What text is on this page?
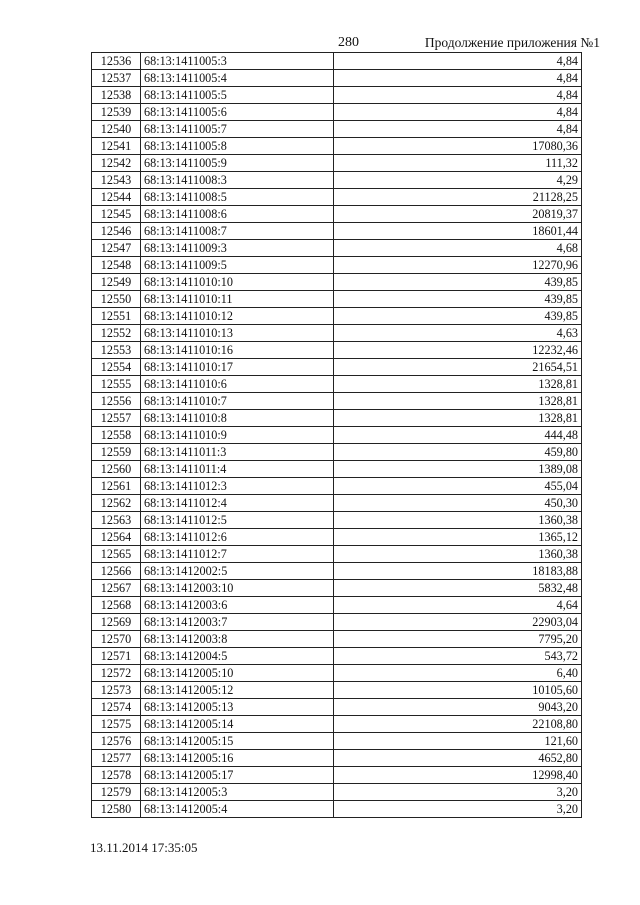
280	Продолжение приложения №1
12536	68:13:1411005:3	4,84
12537	68:13:1411005:4	4,84
12538	68:13:1411005:5	4,84
12539	68:13:1411005:6	4,84
12540	68:13:1411005:7	4,84
12541	68:13:1411005:8	17080,36
12542	68:13:1411005:9	111,32
12543	68:13:1411008:3	4,29
12544	68:13:1411008:5	21128,25
12545	68:13:1411008:6	20819,37
12546	68:13:1411008:7	18601,44
12547	68:13:1411009:3	4,68
12548	68:13:1411009:5	12270,96
12549	68:13:1411010:10	439,85
12550	68:13:1411010:11	439,85
12551	68:13:1411010:12	439,85
12552	68:13:1411010:13	4,63
12553	68:13:1411010:16	12232,46
12554	68:13:1411010:17	21654,51
12555	68:13:1411010:6	1328,81
12556	68:13:1411010:7	1328,81
12557	68:13:1411010:8	1328,81
12558	68:13:1411010:9	444,48
12559	68:13:1411011:3	459,80
12560	68:13:1411011:4	1389,08
12561	68:13:1411012:3	455,04
12562	68:13:1411012:4	450,30
12563	68:13:1411012:5	1360,38
12564	68:13:1411012:6	1365,12
12565	68:13:1411012:7	1360,38
12566	68:13:1412002:5	18183,88
12567	68:13:1412003:10	5832,48
12568	68:13:1412003:6	4,64
12569	68:13:1412003:7	22903,04
12570	68:13:1412003:8	7795,20
12571	68:13:1412004:5	543,72
12572	68:13:1412005:10	6,40
12573	68:13:1412005:12	10105,60
12574	68:13:1412005:13	9043,20
12575	68:13:1412005:14	22108,80
12576	68:13:1412005:15	121,60
12577	68:13:1412005:16	4652,80
12578	68:13:1412005:17	12998,40
12579	68:13:1412005:3	3,20
12580	68:13:1412005:4	3,20
13.11.2014 17:35:05
